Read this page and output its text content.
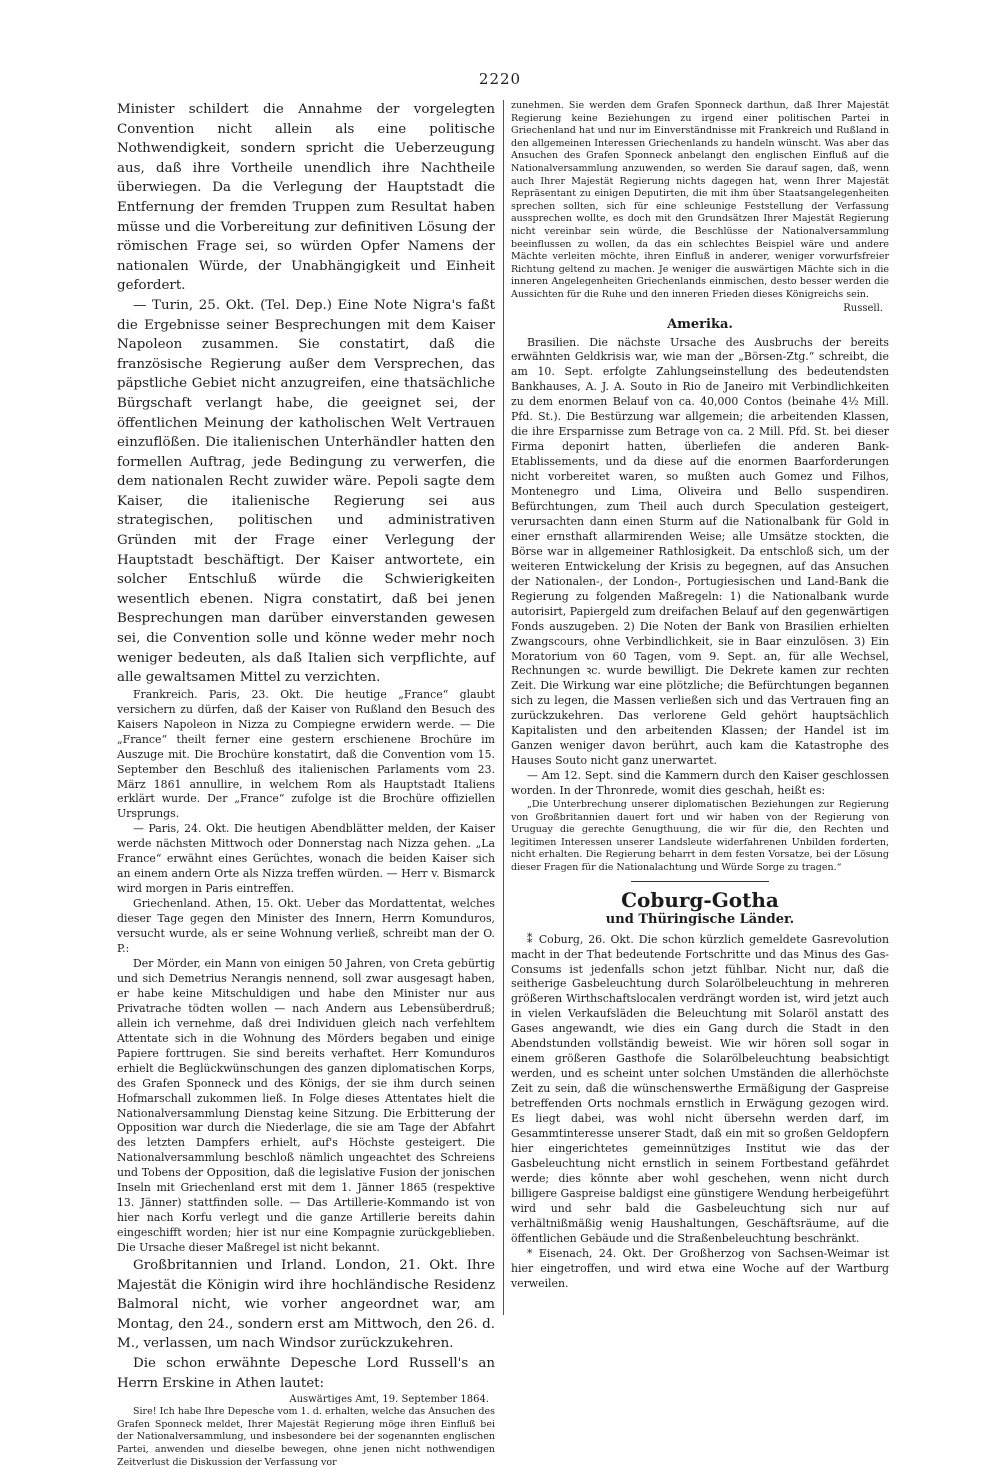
2220

Minister schildert die Annahme der vorgelegten Convention nicht allein als eine politische Nothwendigkeit, sondern spricht die Ueberzeugung aus, daß ihre Vortheile unendlich ihre Nachtheile überwiegen. Da die Verlegung der Hauptstadt die Entfernung der fremden Truppen zum Resultat haben müsse und die Vorbereitung zur definitiven Lösung der römischen Frage sei, so würden Opfer Namens der nationalen Würde, der Unabhängigkeit und Einheit gefordert.

— Turin, 25. Okt. (Tel. Dep.) Eine Note Nigra's faßt die Ergebnisse seiner Besprechungen mit dem Kaiser Napoleon zusammen. Sie constatirt, daß die französische Regierung außer dem Versprechen, das päpstliche Gebiet nicht anzugreifen, eine thatsächliche Bürgschaft verlangt habe, die geeignet sei, der öffentlichen Meinung der katholischen Welt Vertrauen einzuflößen. Die italienischen Unterhändler hatten den formellen Auftrag, jede Bedingung zu verwerfen, die dem nationalen Recht zuwider wäre. Pepoli sagte dem Kaiser, die italienische Regierung sei aus strategischen, politischen und administrativen Gründen mit der Frage einer Verlegung der Hauptstadt beschäftigt. Der Kaiser antwortete, ein solcher Entschluß würde die Schwierigkeiten wesentlich ebenen. Nigra constatirt, daß bei jenen Besprechungen man darüber einverstanden gewesen sei, die Convention solle und könne weder mehr noch weniger bedeuten, als daß Italien sich verpflichte, auf alle gewaltsamen Mittel zu verzichten.

Frankreich. Paris, 23. Okt. Die heutige „France“ glaubt versichern zu dürfen, daß der Kaiser von Rußland den Besuch des Kaisers Napoleon in Nizza zu Compiegne erwidern werde. — Die „France“ theilt ferner eine gestern erschienene Brochüre im Auszuge mit. Die Brochüre konstatirt, daß die Convention vom 15. September den Beschluß des italienischen Parlaments vom 23. März 1861 annullire, in welchem Rom als Hauptstadt Italiens erklärt wurde. Der „France“ zufolge ist die Brochüre offiziellen Ursprungs.

— Paris, 24. Okt. Die heutigen Abendblätter melden, der Kaiser werde nächsten Mittwoch oder Donnerstag nach Nizza gehen. „La France“ erwähnt eines Gerüchtes, wonach die beiden Kaiser sich an einem andern Orte als Nizza treffen würden. — Herr v. Bismarck wird morgen in Paris eintreffen.

Griechenland. Athen, 15. Okt. Ueber das Mordattentat, welches dieser Tage gegen den Minister des Innern, Herrn Komunduros, versucht wurde, als er seine Wohnung verließ, schreibt man der O. P.:

Der Mörder, ein Mann von einigen 50 Jahren, von Creta gebürtig und sich Demetrius Nerangis nennend, soll zwar ausgesagt haben, er habe keine Mitschuldigen und habe den Minister nur aus Privatrache tödten wollen — nach Andern aus Lebensüberdruß; allein ich vernehme, daß drei Individuen gleich nach verfehltem Attentate sich in die Wohnung des Mörders begaben und einige Papiere forttrugen. Sie sind bereits verhaftet. Herr Komunduros erhielt die Beglückwünschungen des ganzen diplomatischen Korps, des Grafen Sponneck und des Königs, der sie ihm durch seinen Hofmarschall zukommen ließ. In Folge dieses Attentates hielt die Nationalversammlung Dienstag keine Sitzung. Die Erbitterung der Opposition war durch die Niederlage, die sie am Tage der Abfahrt des letzten Dampfers erhielt, auf's Höchste gesteigert. Die Nationalversammlung beschloß nämlich ungeachtet des Schreiens und Tobens der Opposition, daß die legislative Fusion der jonischen Inseln mit Griechenland erst mit dem 1. Jänner 1865 (respektive 13. Jänner) stattfinden solle. — Das Artillerie-Kommando ist von hier nach Korfu verlegt und die ganze Artillerie bereits dahin eingeschifft worden; hier ist nur eine Kompagnie zurückgeblieben. Die Ursache dieser Maßregel ist nicht bekannt.

Großbritannien und Irland. London, 21. Okt. Ihre Majestät die Königin wird ihre hochländische Residenz Balmoral nicht, wie vorher angeordnet war, am Montag, den 24., sondern erst am Mittwoch, den 26. d. M., verlassen, um nach Windsor zurückzukehren.

Die schon erwähnte Depesche Lord Russell's an Herrn Erskine in Athen lautet:

Auswärtiges Amt, 19. September 1864.

Sire! Ich habe Ihre Depesche vom 1. d. erhalten, welche das Ansuchen des Grafen Sponneck meldet, Ihrer Majestät Regierung möge ihren Einfluß bei der Nationalversammlung, und insbesondere bei der sogenannten englischen Partei, anwenden und dieselbe bewegen, ohne jenen nicht nothwendigen Zeitverlust die Diskussion der Verfassung vor

zunehmen. Sie werden dem Grafen Sponneck darthun, daß Ihrer Majestät Regierung keine Beziehungen zu irgend einer politischen Partei in Griechenland hat und nur im Einverständnisse mit Frankreich und Rußland in den allgemeinen Interessen Griechenlands zu handeln wünscht. Was aber das Ansuchen des Grafen Sponneck anbelangt den englischen Einfluß auf die Nationalversammlung anzuwenden, so werden Sie darauf sagen, daß, wenn auch Ihrer Majestät Regierung nichts dagegen hat, wenn Ihrer Majestät Repräsentant zu einigen Deputirten, die mit ihm über Staatsangelegenheiten sprechen sollten, sich für eine schleunige Feststellung der Verfassung aussprechen wollte, es doch mit den Grundsätzen Ihrer Majestät Regierung nicht vereinbar sein würde, die Beschlüsse der Nationalversammlung beeinflussen zu wollen, da das ein schlechtes Beispiel wäre und andere Mächte verleiten möchte, ihren Einfluß in anderer, weniger vorwurfsfreier Richtung geltend zu machen. Je weniger die auswärtigen Mächte sich in die inneren Angelegenheiten Griechenlands einmischen, desto besser werden die Aussichten für die Ruhe und den inneren Frieden dieses Königreichs sein.

Russell.
Amerika.

Brasilien. Die nächste Ursache des Ausbruchs der bereits erwähnten Geldkrisis war, wie man der „Börsen-Ztg.“ schreibt, die am 10. Sept. erfolgte Zahlungseinstellung des bedeutendsten Bankhauses, A. J. A. Souto in Rio de Janeiro mit Verbindlichkeiten zu dem enormen Belauf von ca. 40,000 Contos (beinahe 4½ Mill. Pfd. St.). Die Bestürzung war allgemein; die arbeitenden Klassen, die ihre Ersparnisse zum Betrage von ca. 2 Mill. Pfd. St. bei dieser Firma deponirt hatten, überliefen die anderen Bank-Etablissements, und da diese auf die enormen Baarforderungen nicht vorbereitet waren, so mußten auch Gomez und Filhos, Montenegro und Lima, Oliveira und Bello suspendiren. Befürchtungen, zum Theil auch durch Speculation gesteigert, verursachten dann einen Sturm auf die Nationalbank für Gold in einer ernsthaft allarmirenden Weise; alle Umsätze stockten, die Börse war in allgemeiner Rathlosigkeit. Da entschloß sich, um der weiteren Entwickelung der Krisis zu begegnen, auf das Ansuchen der Nationalen-, der London-, Portugiesischen und Land-Bank die Regierung zu folgenden Maßregeln: 1) die Nationalbank wurde autorisirt, Papiergeld zum dreifachen Belauf auf den gegenwärtigen Fonds auszugeben. 2) Die Noten der Bank von Brasilien erhielten Zwangscours, ohne Verbindlichkeit, sie in Baar einzulösen. 3) Ein Moratorium von 60 Tagen, vom 9. Sept. an, für alle Wechsel, Rechnungen ꝛc. wurde bewilligt. Die Dekrete kamen zur rechten Zeit. Die Wirkung war eine plötzliche; die Befürchtungen begannen sich zu legen, die Massen verließen sich und das Vertrauen fing an zurückzukehren. Das verlorene Geld gehört hauptsächlich Kapitalisten und den arbeitenden Klassen; der Handel ist im Ganzen weniger davon berührt, auch kam die Katastrophe des Hauses Souto nicht ganz unerwartet.

— Am 12. Sept. sind die Kammern durch den Kaiser geschlossen worden. In der Thronrede, womit dies geschah, heißt es:

„Die Unterbrechung unserer diplomatischen Beziehungen zur Regierung von Großbritannien dauert fort und wir haben von der Regierung von Uruguay die gerechte Genugthuung, die wir für die, den Rechten und legitimen Interessen unserer Landsleute widerfahrenen Unbilden forderten, nicht erhalten. Die Regierung beharrt in dem festen Vorsatze, bei der Lösung dieser Fragen für die Nationalachtung und Würde Sorge zu tragen.“

Coburg-Gotha
und Thüringische Länder.

⁑ Coburg, 26. Okt. Die schon kürzlich gemeldete Gasrevolution macht in der That bedeutende Fortschritte und das Minus des Gas-Consums ist jedenfalls schon jetzt fühlbar. Nicht nur, daß die seitherige Gasbeleuchtung durch Solarölbeleuchtung in mehreren größeren Wirthschaftslocalen verdrängt worden ist, wird jetzt auch in vielen Verkaufsläden die Beleuchtung mit Solaröl anstatt des Gases angewandt, wie dies ein Gang durch die Stadt in den Abendstunden vollständig beweist. Wie wir hören soll sogar in einem größeren Gasthofe die Solarölbeleuchtung beabsichtigt werden, und es scheint unter solchen Umständen die allerhöchste Zeit zu sein, daß die wünschenswerthe Ermäßigung der Gaspreise betreffenden Orts nochmals ernstlich in Erwägung gezogen wird. Es liegt dabei, was wohl nicht übersehn werden darf, im Gesammtinteresse unserer Stadt, daß ein mit so großen Geldopfern hier eingerichtetes gemeinnütziges Institut wie das der Gasbeleuchtung nicht ernstlich in seinem Fortbestand gefährdet werde; dies könnte aber wohl geschehen, wenn nicht durch billigere Gaspreise baldigst eine günstigere Wendung herbeigeführt wird und sehr bald die Gasbeleuchtung sich nur auf verhältnißmäßig wenig Haushaltungen, Geschäftsräume, auf die öffentlichen Gebäude und die Straßenbeleuchtung beschränkt.

* Eisenach, 24. Okt. Der Großherzog von Sachsen-Weimar ist hier eingetroffen, und wird etwa eine Woche auf der Wartburg verweilen.
